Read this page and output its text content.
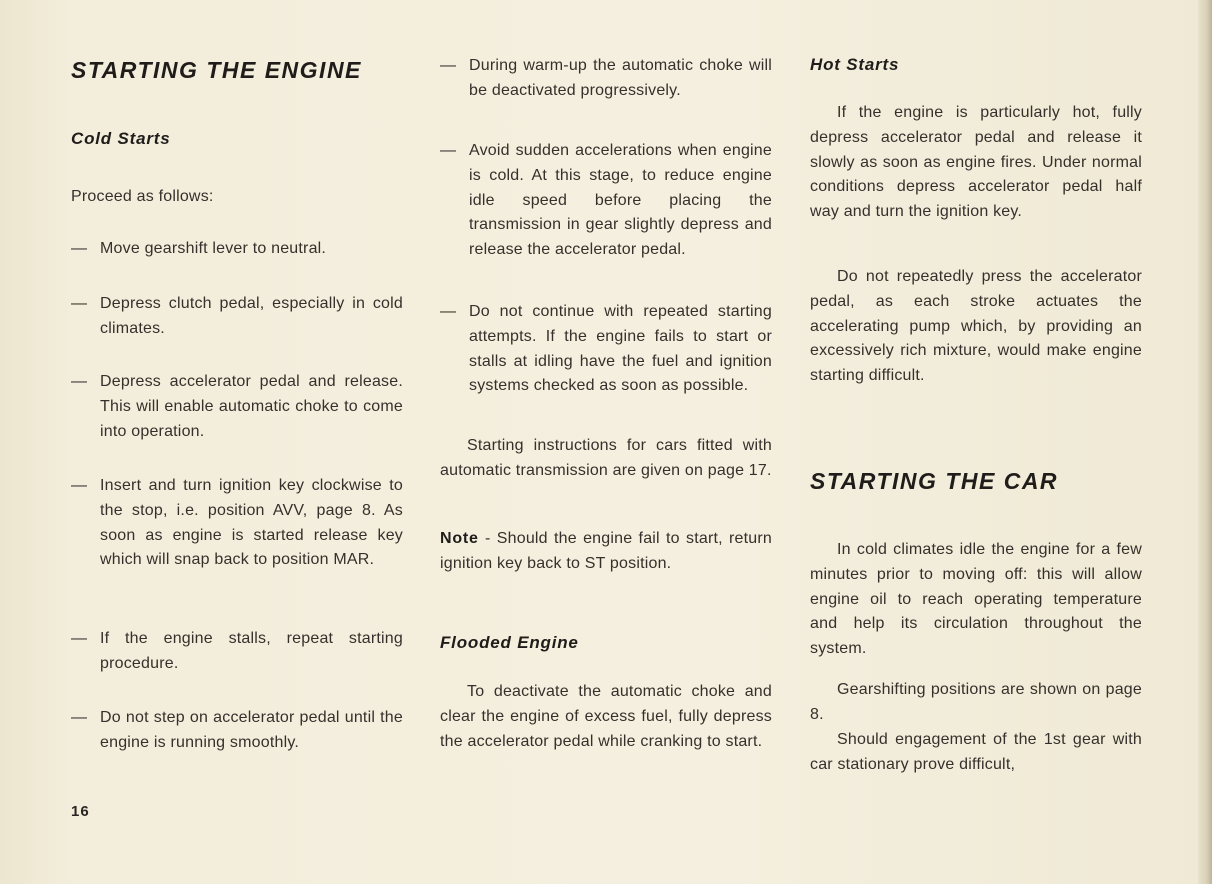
STARTING THE ENGINE
Cold Starts
Proceed as follows:
— Move gearshift lever to neutral.
— Depress clutch pedal, especially in cold climates.
— Depress accelerator pedal and release. This will enable automatic choke to come into operation.
— Insert and turn ignition key clockwise to the stop, i.e. position AVV, page 8. As soon as engine is started release key which will snap back to position MAR.
— If the engine stalls, repeat starting procedure.
— Do not step on accelerator pedal until the engine is running smoothly.
— During warm-up the automatic choke will be deactivated progressively.
— Avoid sudden accelerations when engine is cold. At this stage, to reduce engine idle speed before placing the transmission in gear slightly depress and release the accelerator pedal.
— Do not continue with repeated starting attempts. If the engine fails to start or stalls at idling have the fuel and ignition systems checked as soon as possible.
Starting instructions for cars fitted with automatic transmission are given on page 17.
Note - Should the engine fail to start, return ignition key back to ST position.
Flooded Engine
To deactivate the automatic choke and clear the engine of excess fuel, fully depress the accelerator pedal while cranking to start.
Hot Starts
If the engine is particularly hot, fully depress accelerator pedal and release it slowly as soon as engine fires. Under normal conditions depress accelerator pedal half way and turn the ignition key.
Do not repeatedly press the accelerator pedal, as each stroke actuates the accelerating pump which, by providing an excessively rich mixture, would make engine starting difficult.
STARTING THE CAR
In cold climates idle the engine for a few minutes prior to moving off: this will allow engine oil to reach operating temperature and help its circulation throughout the system.
Gearshifting positions are shown on page 8.
Should engagement of the 1st gear with car stationary prove difficult,
16
